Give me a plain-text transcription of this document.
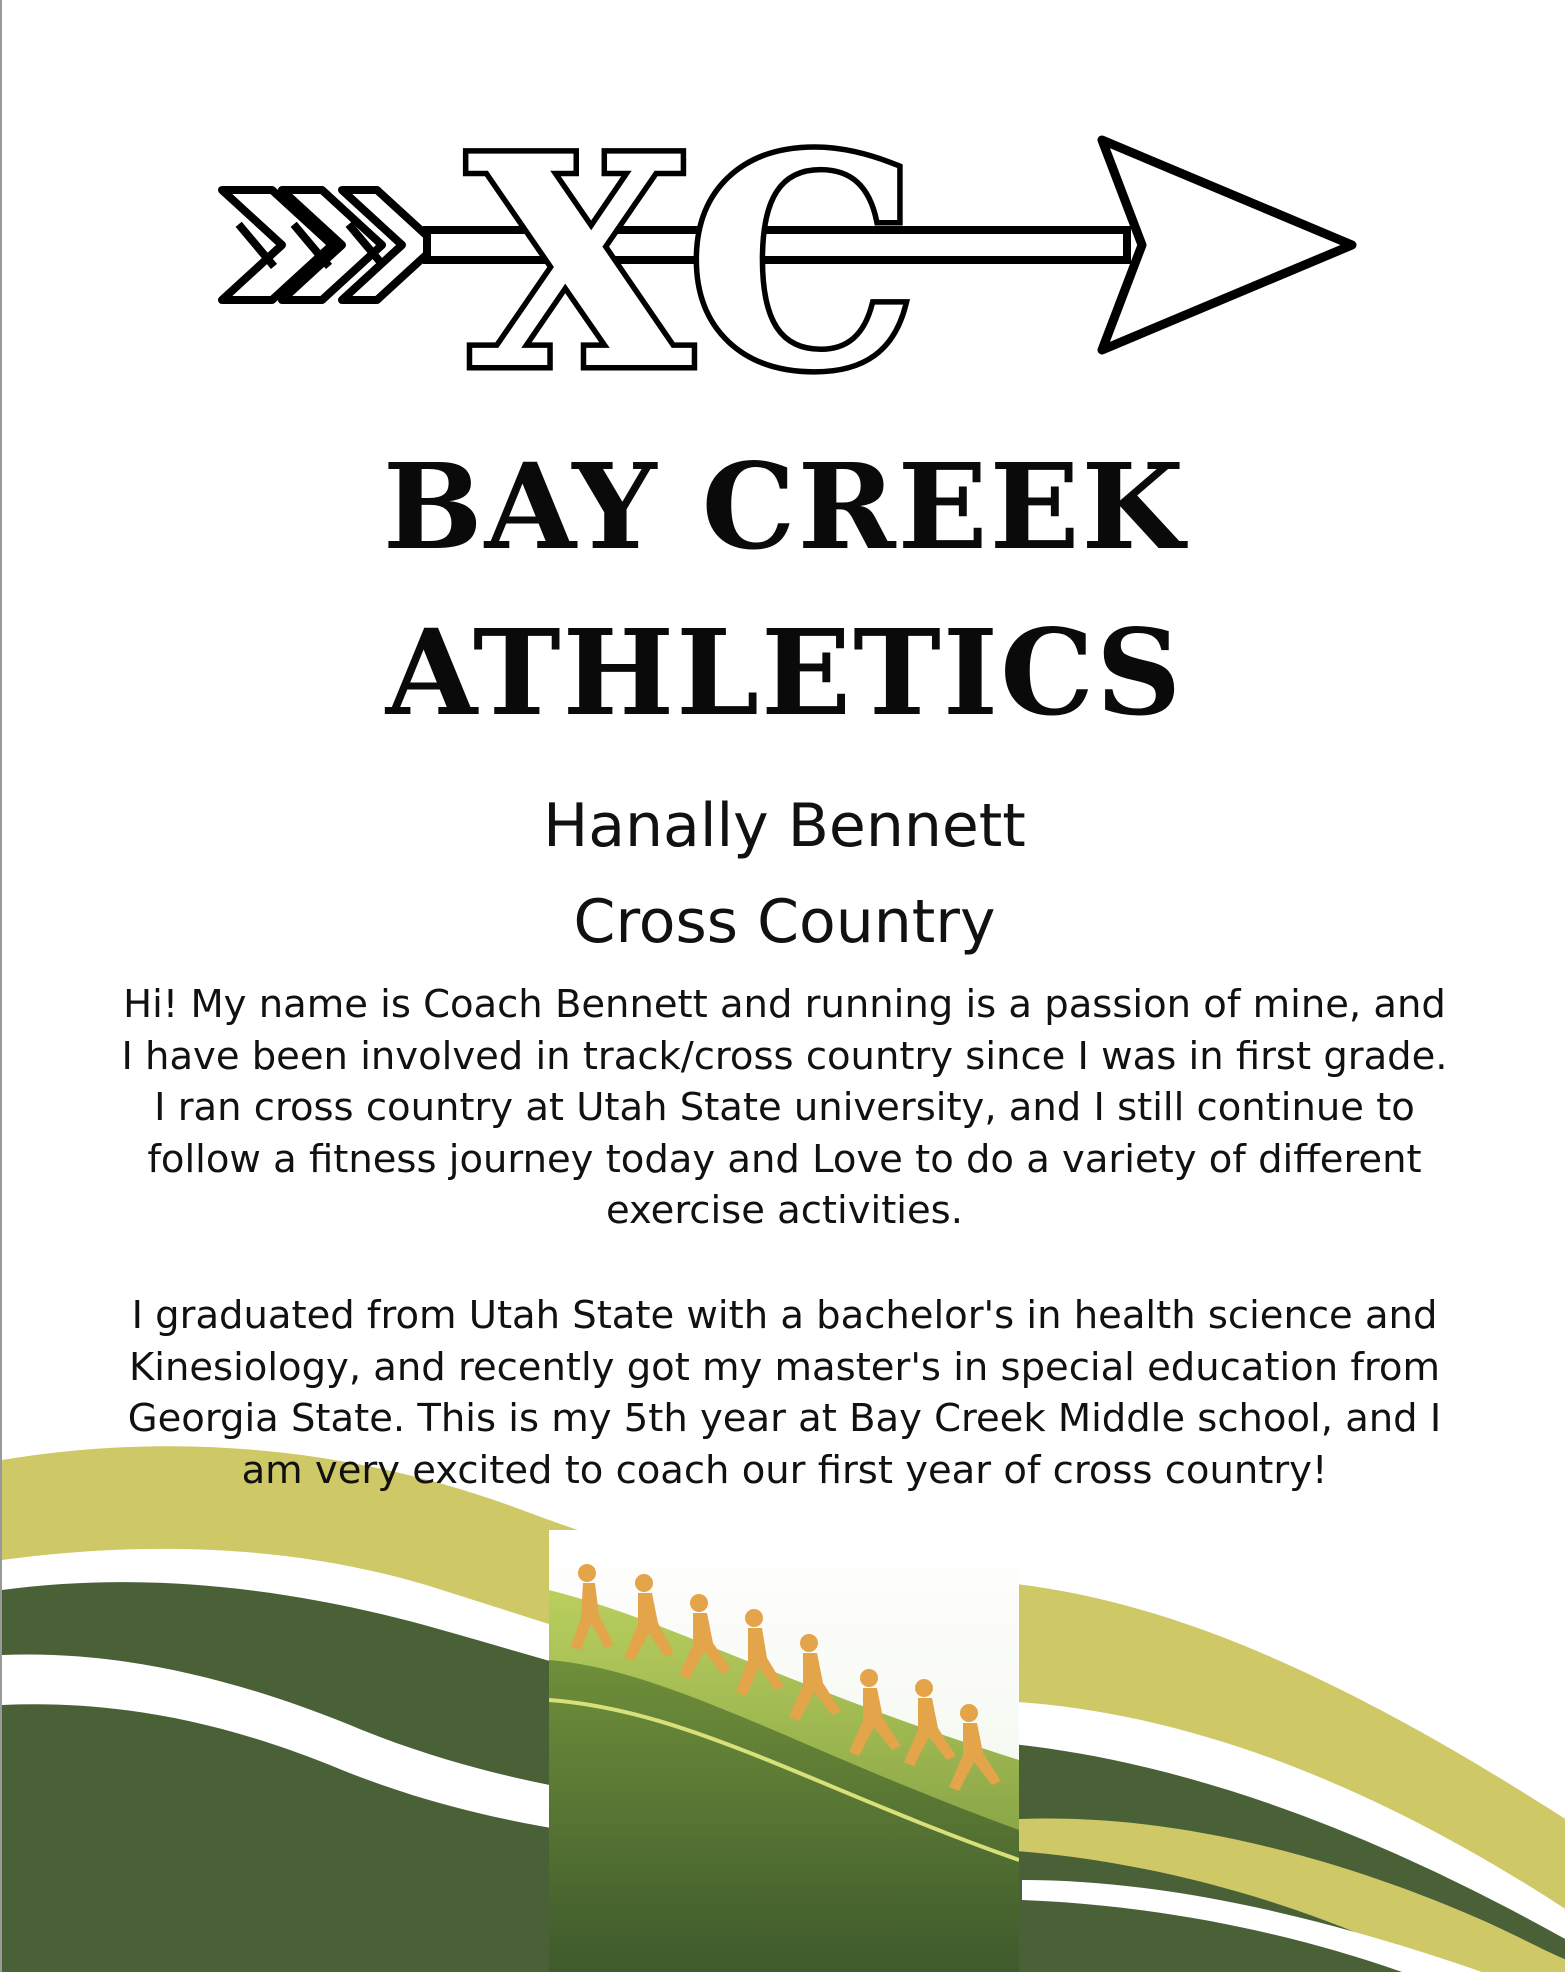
XC
BAY CREEK
ATHLETICS
Hanally Bennett
Cross Country
Hi! My name is Coach Bennett and running is a passion of mine, and
I have been involved in track/cross country since I was in first grade.
I ran cross country at Utah State university, and I still continue to
follow a fitness journey today and Love to do a variety of different
exercise activities.
I graduated from Utah State with a bachelor's in health science and
Kinesiology, and recently got my master's in special education from
Georgia State. This is my 5th year at Bay Creek Middle school, and I
am very excited to coach our first year of cross country!
